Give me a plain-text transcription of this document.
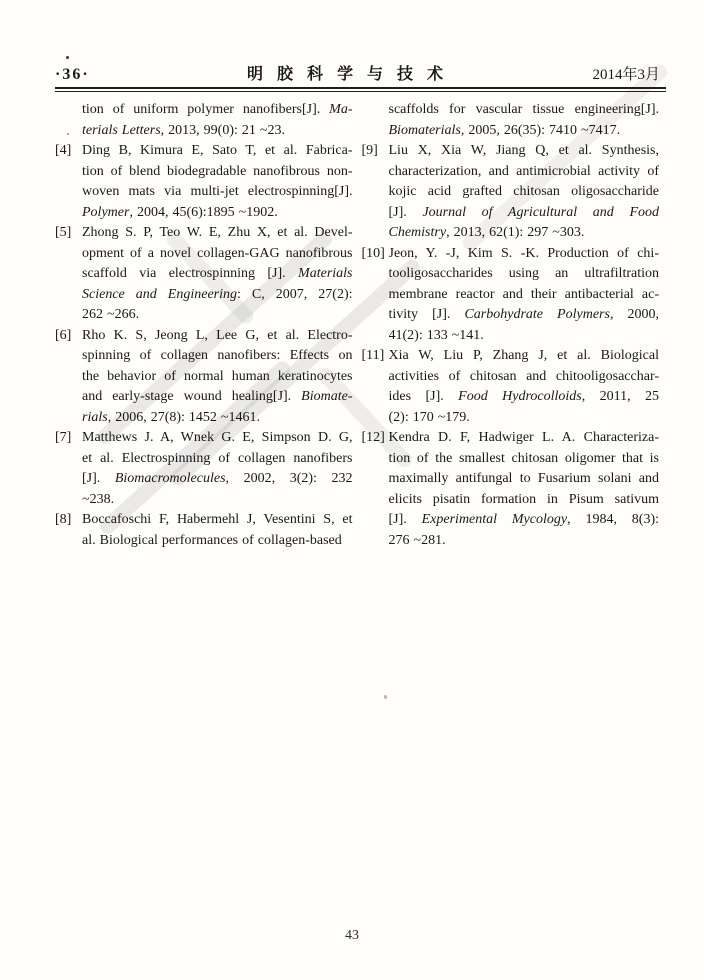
·36·	明 胶 科 学 与 技 术	2014年3月
tion of uniform polymer nanofibers[J]. Ma-
terials Letters, 2013, 99(0): 21 ~23.
[4] Ding B, Kimura E, Sato T, et al. Fabrica-
tion of blend biodegradable nanofibrous non-
woven mats via multi-jet electrospinning[J].
Polymer, 2004, 45(6):1895 ~1902.
[5] Zhong S. P, Teo W. E, Zhu X, et al. Devel-
opment of a novel collagen-GAG nanofibrous
scaffold via electrospinning [J]. Materials
Science and Engineering: C, 2007, 27(2):
262 ~266.
[6] Rho K. S, Jeong L, Lee G, et al. Electro-
spinning of collagen nanofibers: Effects on
the behavior of normal human keratinocytes
and early-stage wound healing[J]. Biomate-
rials, 2006, 27(8): 1452 ~1461.
[7] Matthews J. A, Wnek G. E, Simpson D. G,
et al. Electrospinning of collagen nanofibers
[J]. Biomacromolecules, 2002, 3(2): 232
~238.
[8] Boccafoschi F, Habermehl J, Vesentini S, et
al. Biological performances of collagen-based
scaffolds for vascular tissue engineering[J].
Biomaterials, 2005, 26(35): 7410 ~7417.
[9] Liu X, Xia W, Jiang Q, et al. Synthesis,
characterization, and antimicrobial activity of
kojic acid grafted chitosan oligosaccharide
[J]. Journal of Agricultural and Food
Chemistry, 2013, 62(1): 297 ~303.
[10] Jeon, Y. -J, Kim S. -K. Production of chi-
tooligosaccharides using an ultrafiltration
membrane reactor and their antibacterial ac-
tivity [J]. Carbohydrate Polymers, 2000,
41(2): 133 ~141.
[11] Xia W, Liu P, Zhang J, et al. Biological
activities of chitosan and chitooligosacchar-
ides [J]. Food Hydrocolloids, 2011, 25
(2): 170 ~179.
[12] Kendra D. F, Hadwiger L. A. Characteriza-
tion of the smallest chitosan oligomer that is
maximally antifungal to Fusarium solani and
elicits pisatin formation in Pisum sativum
[J]. Experimental Mycology, 1984, 8(3):
276 ~281.
43
